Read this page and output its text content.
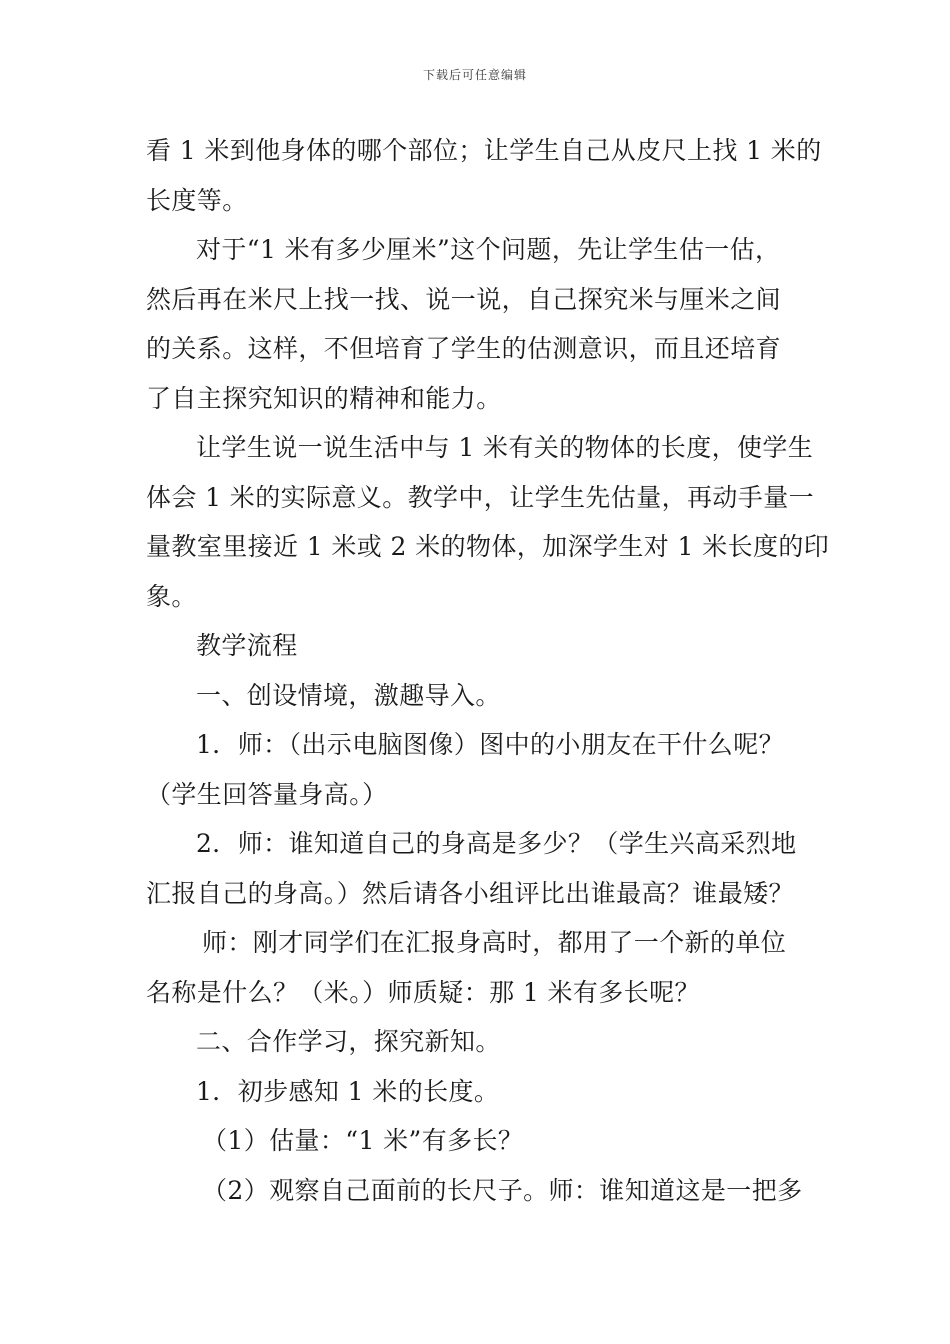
下载后可任意编辑
看 1 米到他身体的哪个部位；让学生自己从皮尺上找 1 米的
长度等。
对于“1 米有多少厘米”这个问题，先让学生估一估，
然后再在米尺上找一找、说一说，自己探究米与厘米之间
的关系。这样，不但培育了学生的估测意识，而且还培育
了自主探究知识的精神和能力。
让学生说一说生活中与 1 米有关的物体的长度，使学生
体会 1 米的实际意义。教学中，让学生先估量，再动手量一
量教室里接近 1 米或 2 米的物体，加深学生对 1 米长度的印
象。
教学流程
一、创设情境，激趣导入。
1．师：（出示电脑图像）图中的小朋友在干什么呢？
（学生回答量身高。）
2．师：谁知道自己的身高是多少？（学生兴高采烈地
汇报自己的身高。）然后请各小组评比出谁最高？谁最矮？
师：刚才同学们在汇报身高时，都用了一个新的单位
名称是什么？（米。）师质疑：那 1 米有多长呢？
二、合作学习，探究新知。
1．初步感知 1 米的长度。
（1）估量：“1 米”有多长？
（2）观察自己面前的长尺子。师：谁知道这是一把多
